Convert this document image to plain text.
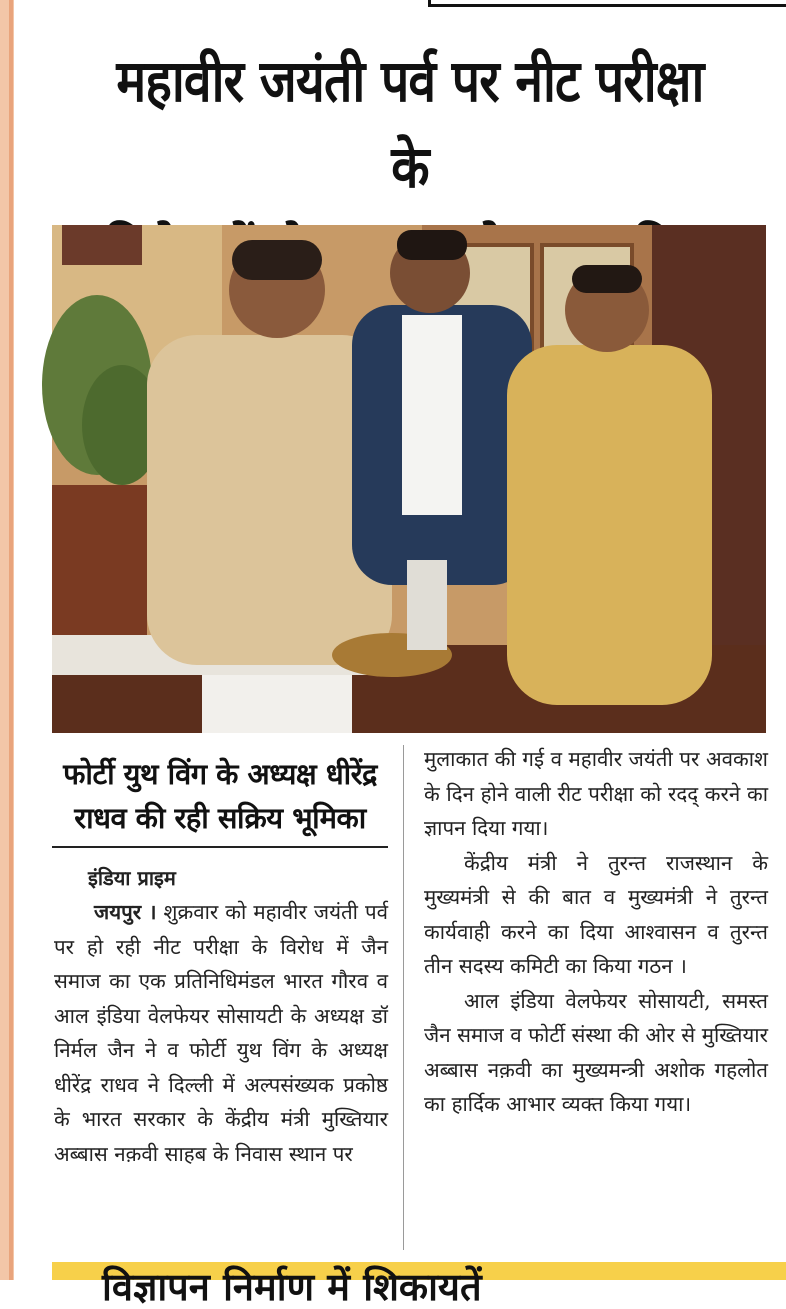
महावीर जयंती पर्व पर नीट परीक्षा के
फोर्टी युथ विंग के अध्यक्ष धीरेंद्र
राधव की रही सक्रिय भूमिका
इंडिया प्राइम

जयपुर । शुक्रवार को महावीर जयंती पर्व पर हो रही नीट परीक्षा के विरोध में जैन समाज का एक प्रतिनिधिमंडल भारत गौरव व आल इंडिया वेलफेयर सोसायटी के अध्यक्ष डॉ निर्मल जैन ने व फोर्टी युथ विंग के अध्यक्ष धीरेंद्र राधव ने दिल्ली में अल्पसंख्यक प्रकोष्ठ के भारत सरकार के केंद्रीय मंत्री मुख्तियार अब्बास नक़वी साहब के निवास स्थान पर

मुलाकात की गई व महावीर जयंती पर अवकाश के दिन होने वाली रीट परीक्षा को रदद् करने का ज्ञापन दिया गया।

केंद्रीय मंत्री ने तुरन्त राजस्थान के मुख्यमंत्री से की बात व मुख्यमंत्री ने तुरन्त कार्यवाही करने का दिया आश्वासन व तुरन्त तीन सदस्य कमिटी का किया गठन ।

आल इंडिया वेलफेयर सोसायटी, समस्त जैन समाज व फोर्टी संस्था की ओर से मुख्तियार अब्बास नक़वी का मुख्यमन्त्री अशोक गहलोत का हार्दिक आभार व्यक्त किया गया।

विज्ञापन निर्माण में शिकायतें
